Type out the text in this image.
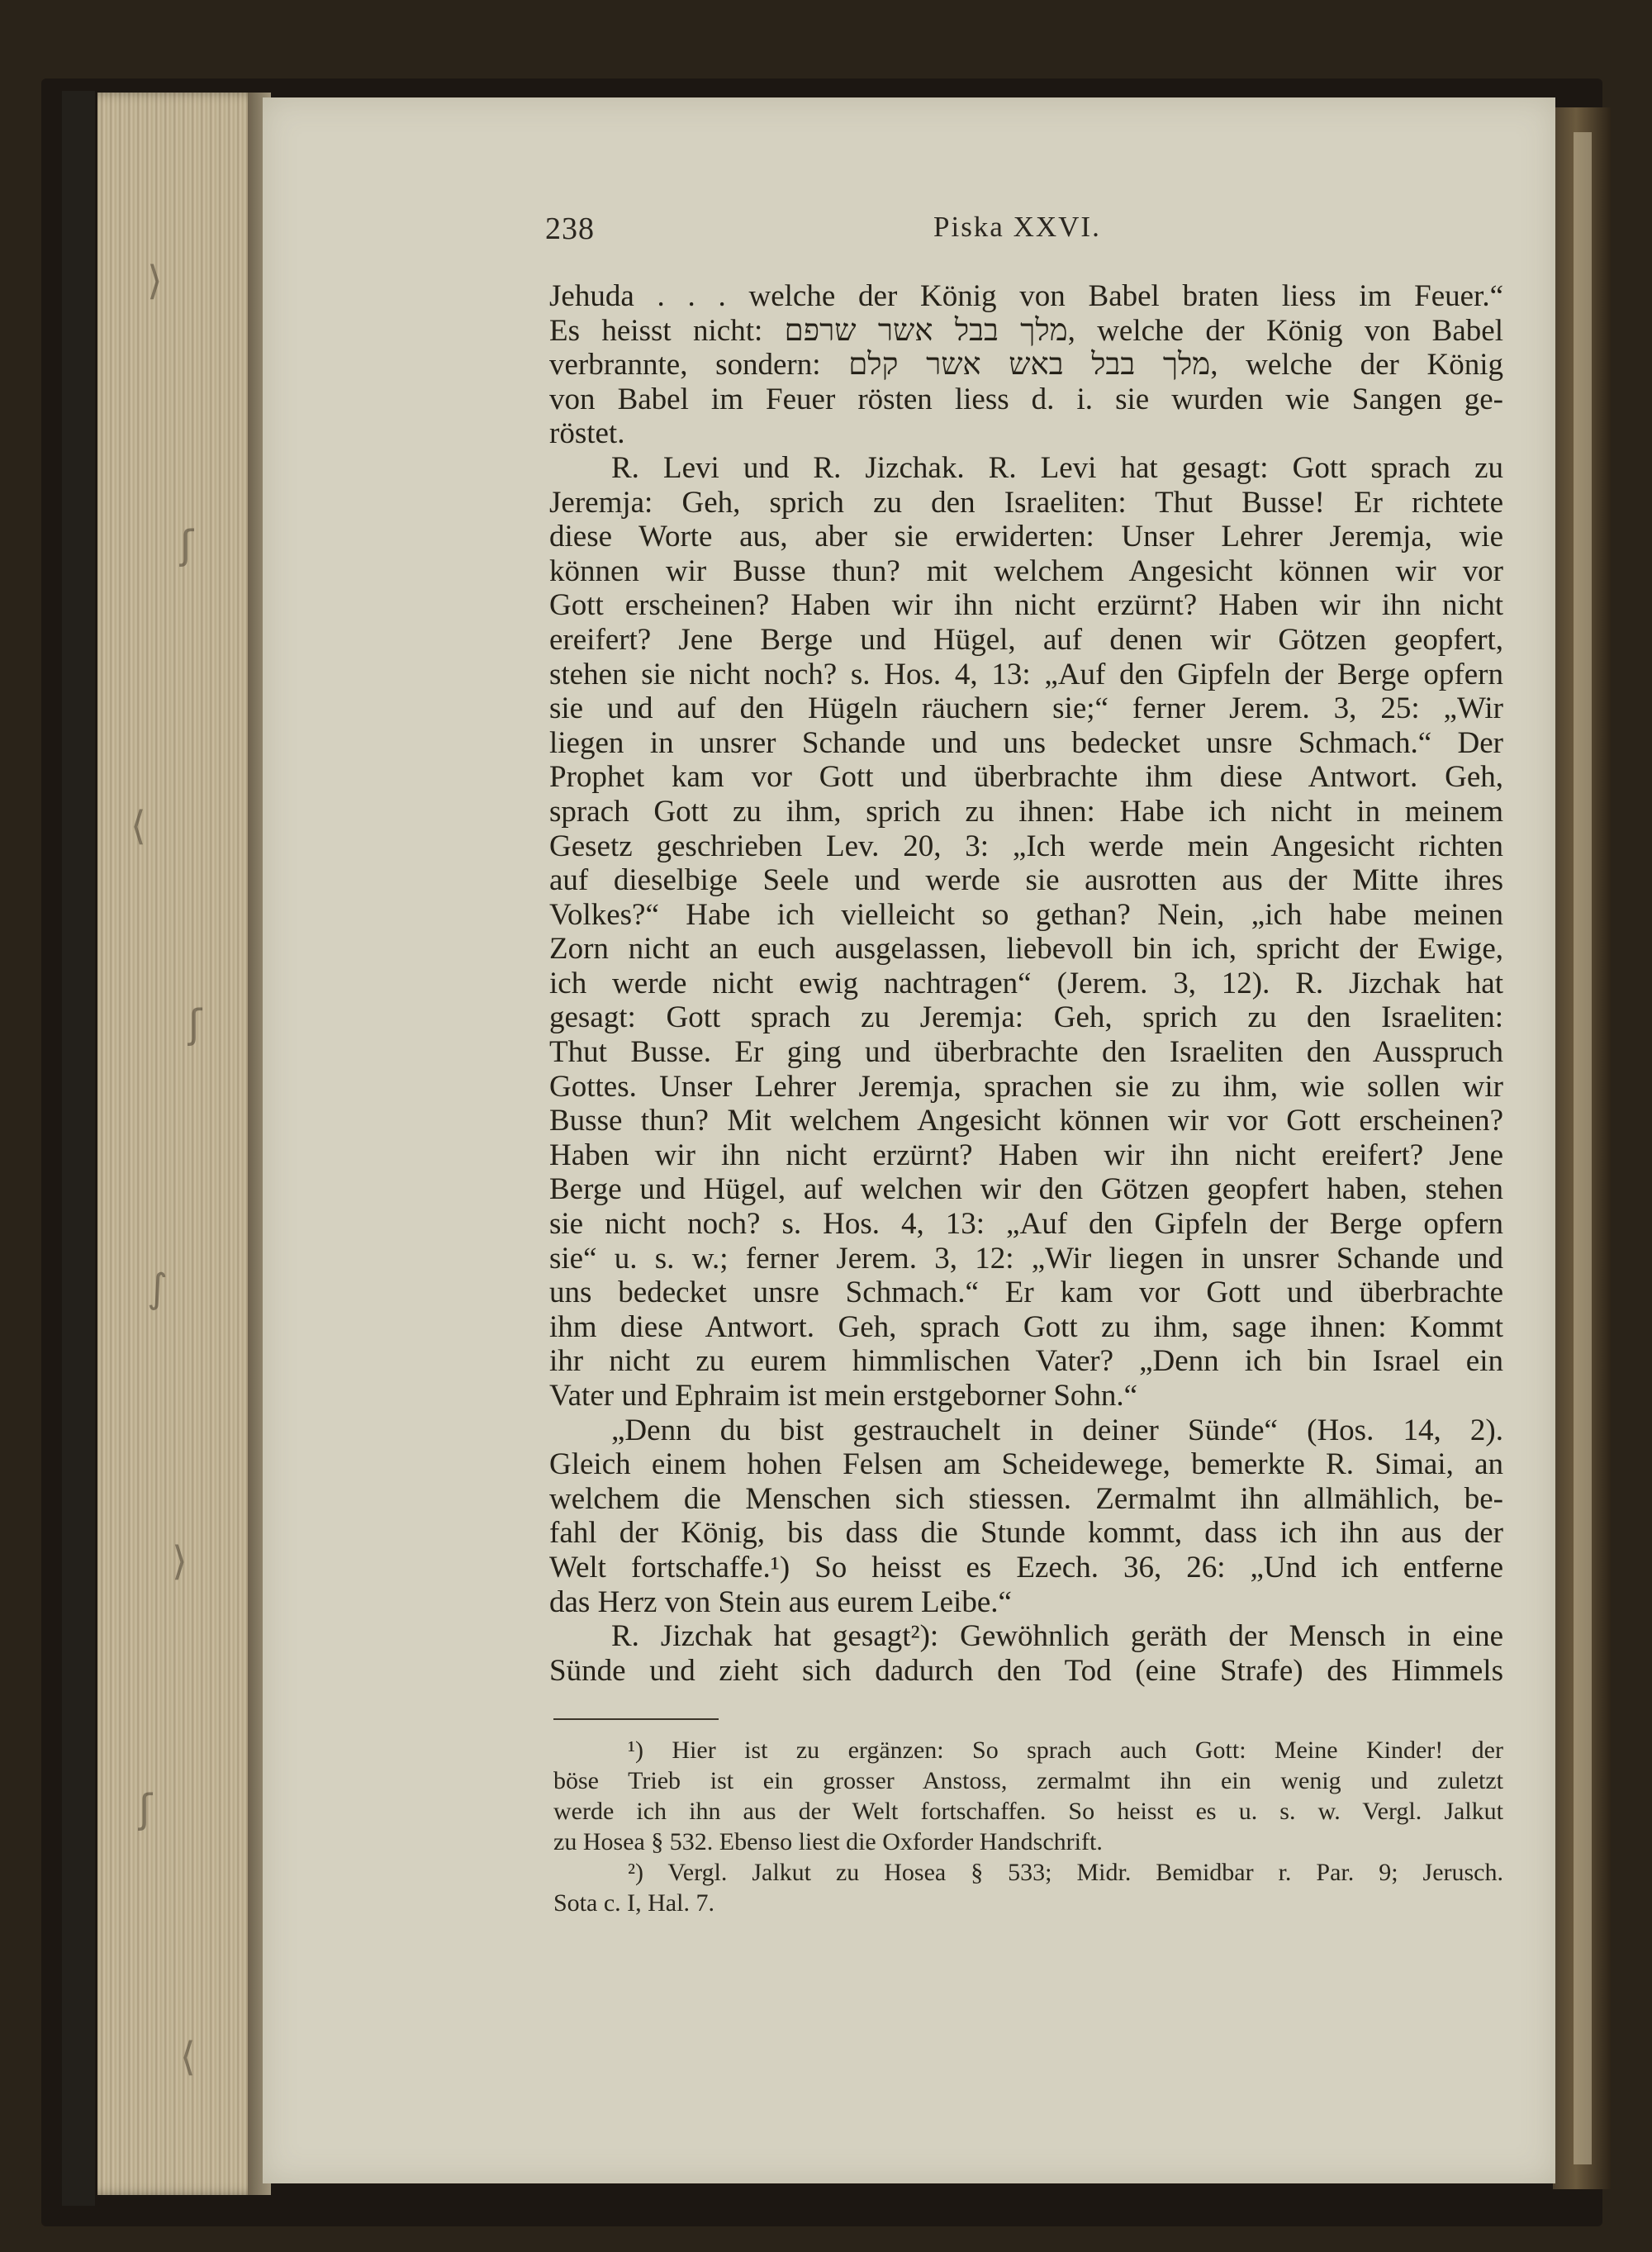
⟩
ʃ
⟨
ʃ
∫
⟩
ʃ
⟨
238	Piska XXVI.
Jehuda . . . welche der König von Babel braten liess im Feuer.“
Es heisst nicht: מלך בבל אשר שרפם, welche der König von Babel
verbrannte, sondern: מלך בבל באש אשר קלם, welche der König
von Babel im Feuer rösten liess d. i. sie wurden wie Sangen ge-
röstet.
R. Levi und R. Jizchak. R. Levi hat gesagt: Gott sprach zu
Jeremja: Geh, sprich zu den Israeliten: Thut Busse! Er richtete
diese Worte aus, aber sie erwiderten: Unser Lehrer Jeremja, wie
können wir Busse thun? mit welchem Angesicht können wir vor
Gott erscheinen? Haben wir ihn nicht erzürnt? Haben wir ihn nicht
ereifert? Jene Berge und Hügel, auf denen wir Götzen geopfert,
stehen sie nicht noch? s. Hos. 4, 13: „Auf den Gipfeln der Berge opfern
sie und auf den Hügeln räuchern sie;“ ferner Jerem. 3, 25: „Wir
liegen in unsrer Schande und uns bedecket unsre Schmach.“ Der
Prophet kam vor Gott und überbrachte ihm diese Antwort. Geh,
sprach Gott zu ihm, sprich zu ihnen: Habe ich nicht in meinem
Gesetz geschrieben Lev. 20, 3: „Ich werde mein Angesicht richten
auf dieselbige Seele und werde sie ausrotten aus der Mitte ihres
Volkes?“ Habe ich vielleicht so gethan? Nein, „ich habe meinen
Zorn nicht an euch ausgelassen, liebevoll bin ich, spricht der Ewige,
ich werde nicht ewig nachtragen“ (Jerem. 3, 12). R. Jizchak hat
gesagt: Gott sprach zu Jeremja: Geh, sprich zu den Israeliten:
Thut Busse. Er ging und überbrachte den Israeliten den Ausspruch
Gottes. Unser Lehrer Jeremja, sprachen sie zu ihm, wie sollen wir
Busse thun? Mit welchem Angesicht können wir vor Gott erscheinen?
Haben wir ihn nicht erzürnt? Haben wir ihn nicht ereifert? Jene
Berge und Hügel, auf welchen wir den Götzen geopfert haben, stehen
sie nicht noch? s. Hos. 4, 13: „Auf den Gipfeln der Berge opfern
sie“ u. s. w.; ferner Jerem. 3, 12: „Wir liegen in unsrer Schande und
uns bedecket unsre Schmach.“ Er kam vor Gott und überbrachte
ihm diese Antwort. Geh, sprach Gott zu ihm, sage ihnen: Kommt
ihr nicht zu eurem himmlischen Vater? „Denn ich bin Israel ein
Vater und Ephraim ist mein erstgeborner Sohn.“
„Denn du bist gestrauchelt in deiner Sünde“ (Hos. 14, 2).
Gleich einem hohen Felsen am Scheidewege, bemerkte R. Simai, an
welchem die Menschen sich stiessen. Zermalmt ihn allmählich, be-
fahl der König, bis dass die Stunde kommt, dass ich ihn aus der
Welt fortschaffe.¹) So heisst es Ezech. 36, 26: „Und ich entferne
das Herz von Stein aus eurem Leibe.“
R. Jizchak hat gesagt²): Gewöhnlich geräth der Mensch in eine
Sünde und zieht sich dadurch den Tod (eine Strafe) des Himmels
¹) Hier ist zu ergänzen: So sprach auch Gott: Meine Kinder! der
böse Trieb ist ein grosser Anstoss, zermalmt ihn ein wenig und zuletzt
werde ich ihn aus der Welt fortschaffen. So heisst es u. s. w. Vergl. Jalkut
zu Hosea § 532. Ebenso liest die Oxforder Handschrift.
²) Vergl. Jalkut zu Hosea § 533; Midr. Bemidbar r. Par. 9; Jerusch.
Sota c. I, Hal. 7.
